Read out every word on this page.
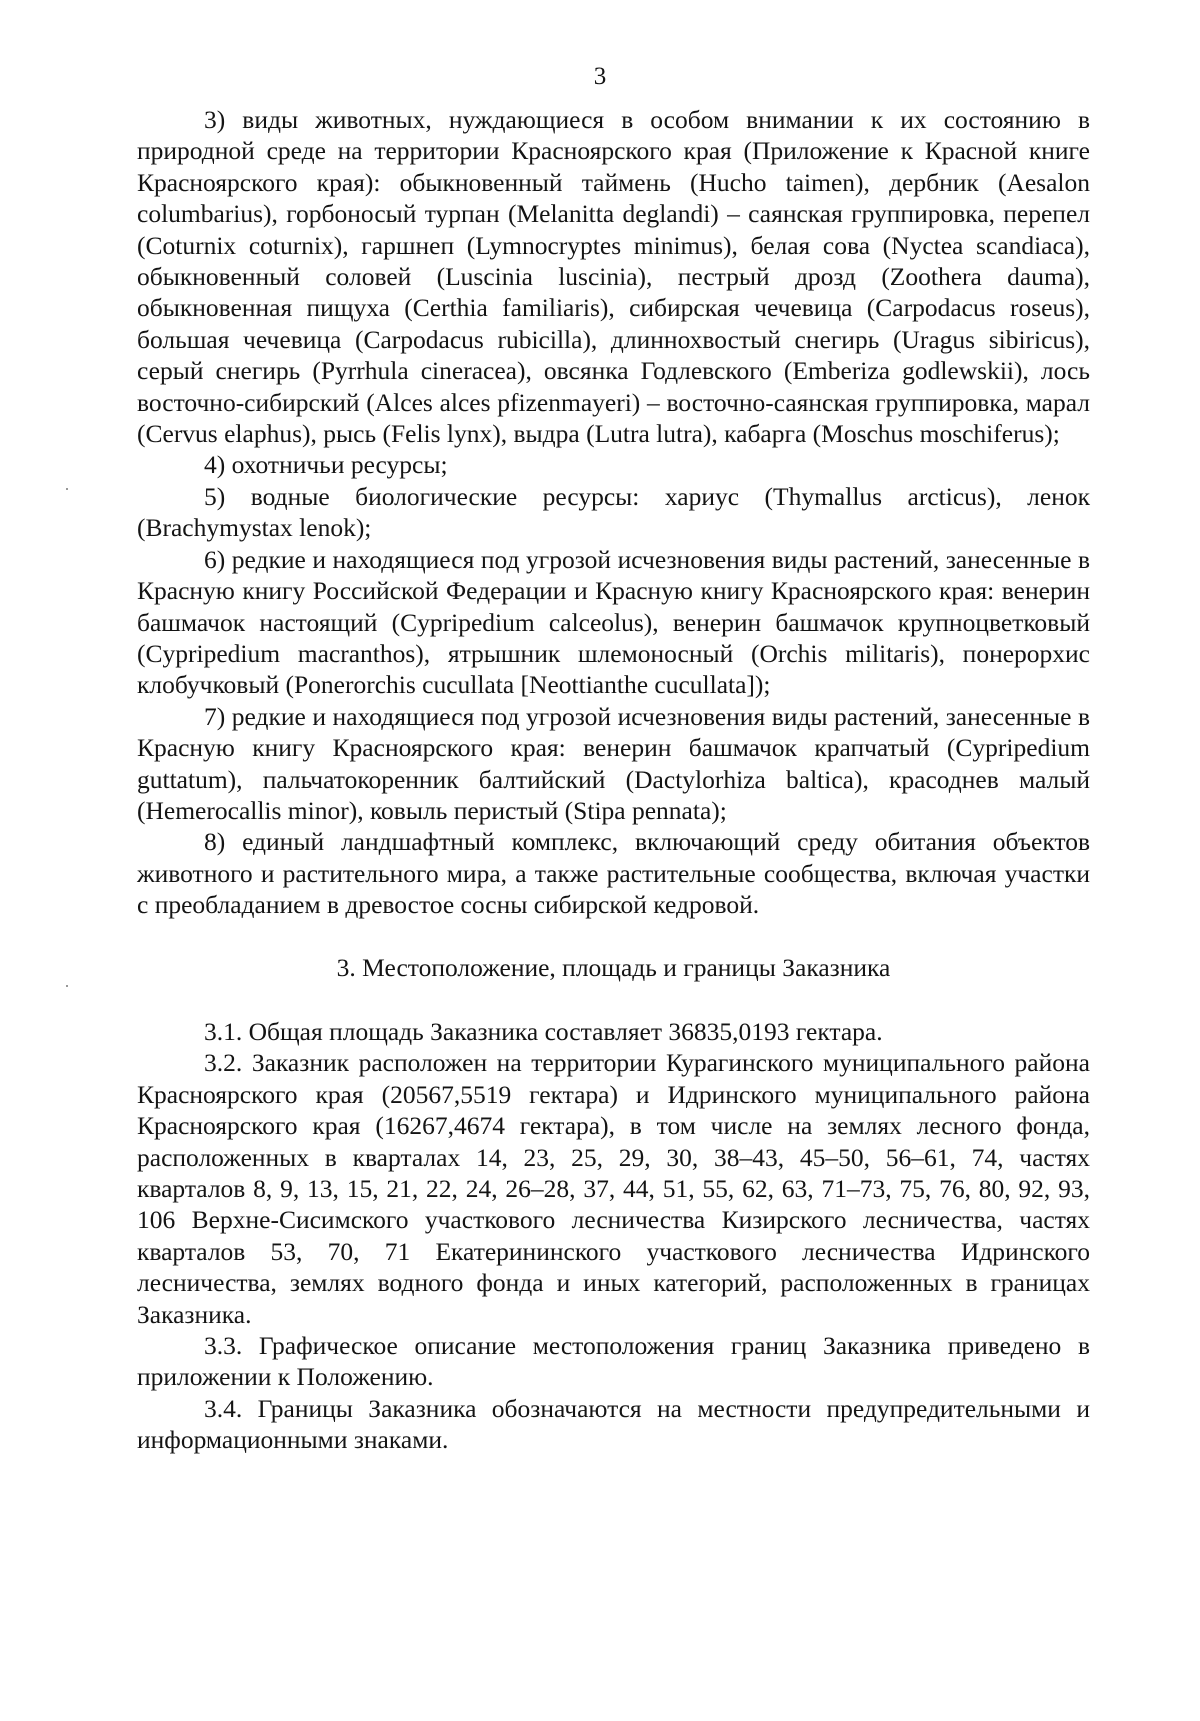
3

3) виды животных, нуждающиеся в особом внимании к их состоянию в природной среде на территории Красноярского края (Приложение к Красной книге Красноярского края): обыкновенный таймень (Hucho taimen), дербник (Aesalon columbarius), горбоносый турпан (Melanitta deglandi) – саянская группировка, перепел (Coturnix coturnix), гаршнеп (Lymnocryptes minimus), белая сова (Nyctea scandiaca), обыкновенный соловей (Luscinia luscinia), пестрый дрозд (Zoothera dauma), обыкновенная пищуха (Certhia familiaris), сибирская чечевица (Carpodacus roseus), большая чечевица (Carpodacus rubicilla), длиннохвостый снегирь (Uragus sibiricus), серый снегирь (Pyrrhula cineracea), овсянка Годлевского (Emberiza godlewskii), лось восточно-сибирский (Alces alces pfizenmayeri) – восточно-саянская группировка, марал (Cervus elaphus), рысь (Felis lynx), выдра (Lutra lutra), кабарга (Moschus moschiferus);

4) охотничьи ресурсы;

5) водные биологические ресурсы: хариус (Thymallus arcticus), ленок (Brachymystax lenok);

6) редкие и находящиеся под угрозой исчезновения виды растений, занесенные в Красную книгу Российской Федерации и Красную книгу Красноярского края: венерин башмачок настоящий (Cypripedium calceolus), венерин башмачок крупноцветковый (Cypripedium macranthos), ятрышник шлемоносный (Orchis militaris), понерорхис клобучковый (Ponerorchis cucullata [Neottianthe cucullata]);

7) редкие и находящиеся под угрозой исчезновения виды растений, занесенные в Красную книгу Красноярского края: венерин башмачок крапчатый (Cypripedium guttatum), пальчатокоренник балтийский (Dactylorhiza baltica), красоднев малый (Hemerocallis minor), ковыль перистый (Stipa pennata);

8) единый ландшафтный комплекс, включающий среду обитания объектов животного и растительного мира, а также растительные сообщества, включая участки с преобладанием в древостое сосны сибирской кедровой.

3. Местоположение, площадь и границы Заказника

3.1. Общая площадь Заказника составляет 36835,0193 гектара.

3.2. Заказник расположен на территории Курагинского муниципального района Красноярского края (20567,5519 гектара) и Идринского муниципального района Красноярского края (16267,4674 гектара), в том числе на землях лесного фонда, расположенных в кварталах 14, 23, 25, 29, 30, 38–43, 45–50, 56–61, 74, частях кварталов 8, 9, 13, 15, 21, 22, 24, 26–28, 37, 44, 51, 55, 62, 63, 71–73, 75, 76, 80, 92, 93, 106 Верхне-Сисимского участкового лесничества Кизирского лесничества, частях кварталов 53, 70, 71 Екатерининского участкового лесничества Идринского лесничества, землях водного фонда и иных категорий, расположенных в границах Заказника.

3.3. Графическое описание местоположения границ Заказника приведено в приложении к Положению.

3.4. Границы Заказника обозначаются на местности предупредительными и информационными знаками.
